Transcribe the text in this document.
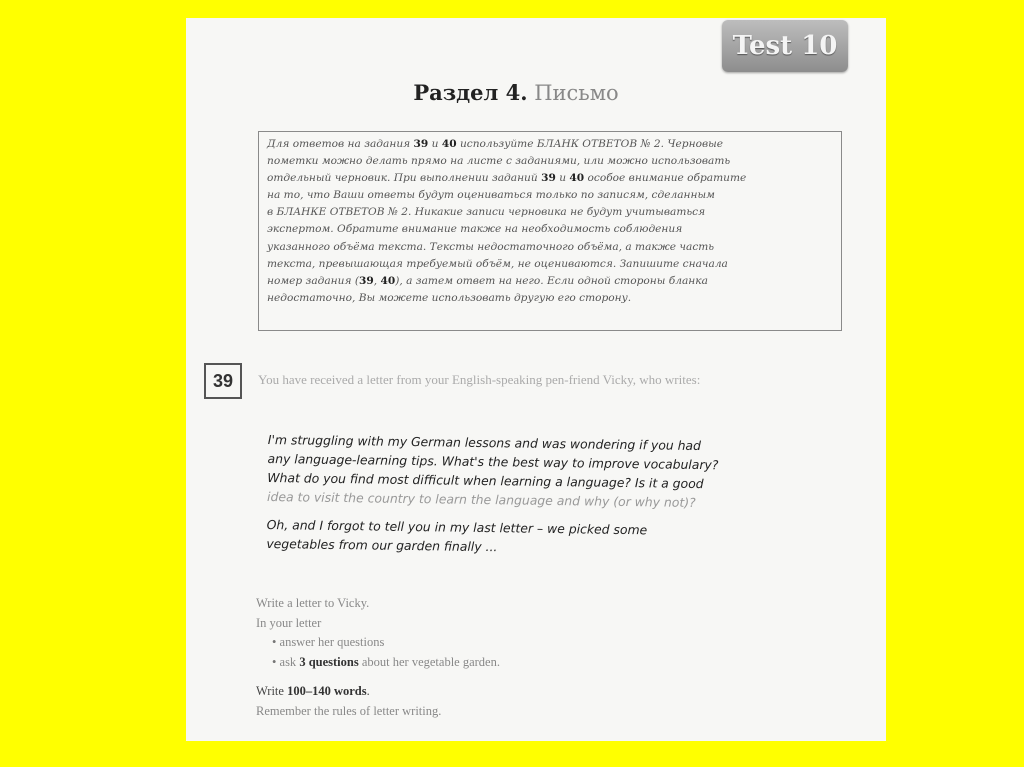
Test 10
Раздел 4. Письмо
Для ответов на задания 39 и 40 используйте БЛАНК ОТВЕТОВ № 2. Черновые
пометки можно делать прямо на листе с заданиями, или можно использовать
отдельный черновик. При выполнении заданий 39 и 40 особое внимание обратите
на то, что Ваши ответы будут оцениваться только по записям, сделанным
в БЛАНКЕ ОТВЕТОВ № 2. Никакие записи черновика не будут учитываться
экспертом. Обратите внимание также на необходимость соблюдения
указанного объёма текста. Тексты недостаточного объёма, а также часть
текста, превышающая требуемый объём, не оцениваются. Запишите сначала
номер задания (39, 40), а затем ответ на него. Если одной стороны бланка
недостаточно, Вы можете использовать другую его сторону.
39	You have received a letter from your English-speaking pen-friend Vicky, who writes:

I'm struggling with my German lessons and was wondering if you had
any language-learning tips. What's the best way to improve vocabulary?
What do you find most difficult when learning a language? Is it a good
idea to visit the country to learn the language and why (or why not)?

Oh, and I forgot to tell you in my last letter – we picked some
vegetables from our garden finally ...

Write a letter to Vicky.
In your letter
• answer her questions
• ask 3 questions about her vegetable garden.
Write 100–140 words.
Remember the rules of letter writing.
